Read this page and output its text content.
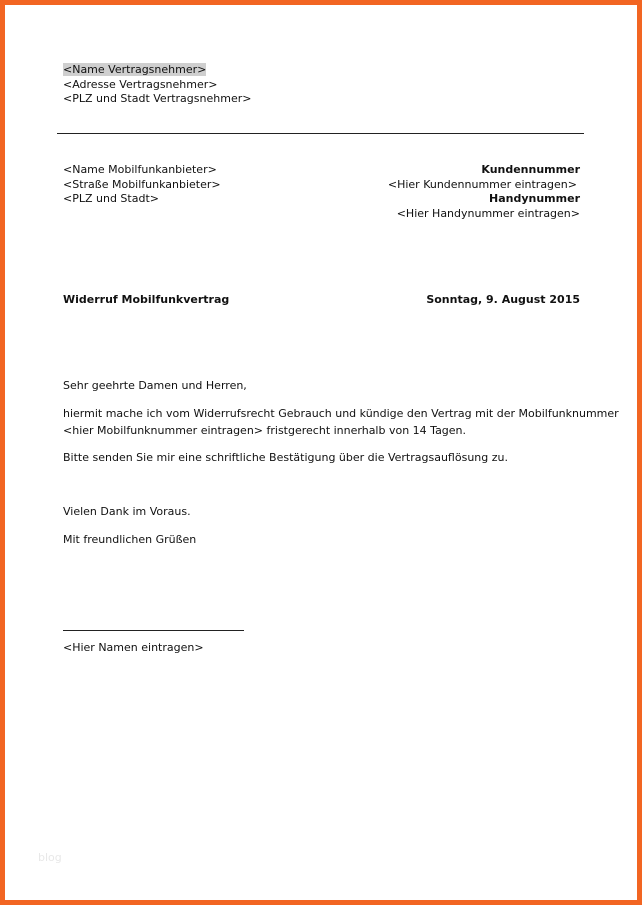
<Name Vertragsnehmer>
<Adresse Vertragsnehmer>
<PLZ und Stadt Vertragsnehmer>
<Name Mobilfunkanbieter>
<Straße Mobilfunkanbieter>
<PLZ und Stadt>
Kundennummer
<Hier Kundennummer eintragen>
Handynummer
<Hier Handynummer eintragen>
Widerruf Mobilfunkvertrag	Sonntag, 9. August 2015
Sehr geehrte Damen und Herren,
hiermit mache ich vom Widerrufsrecht Gebrauch und kündige den Vertrag mit der Mobilfunknummer
<hier Mobilfunknummer eintragen> fristgerecht innerhalb von 14 Tagen.
Bitte senden Sie mir eine schriftliche Bestätigung über die Vertragsauflösung zu.
Vielen Dank im Voraus.
Mit freundlichen Grüßen
<Hier Namen eintragen>
blog
